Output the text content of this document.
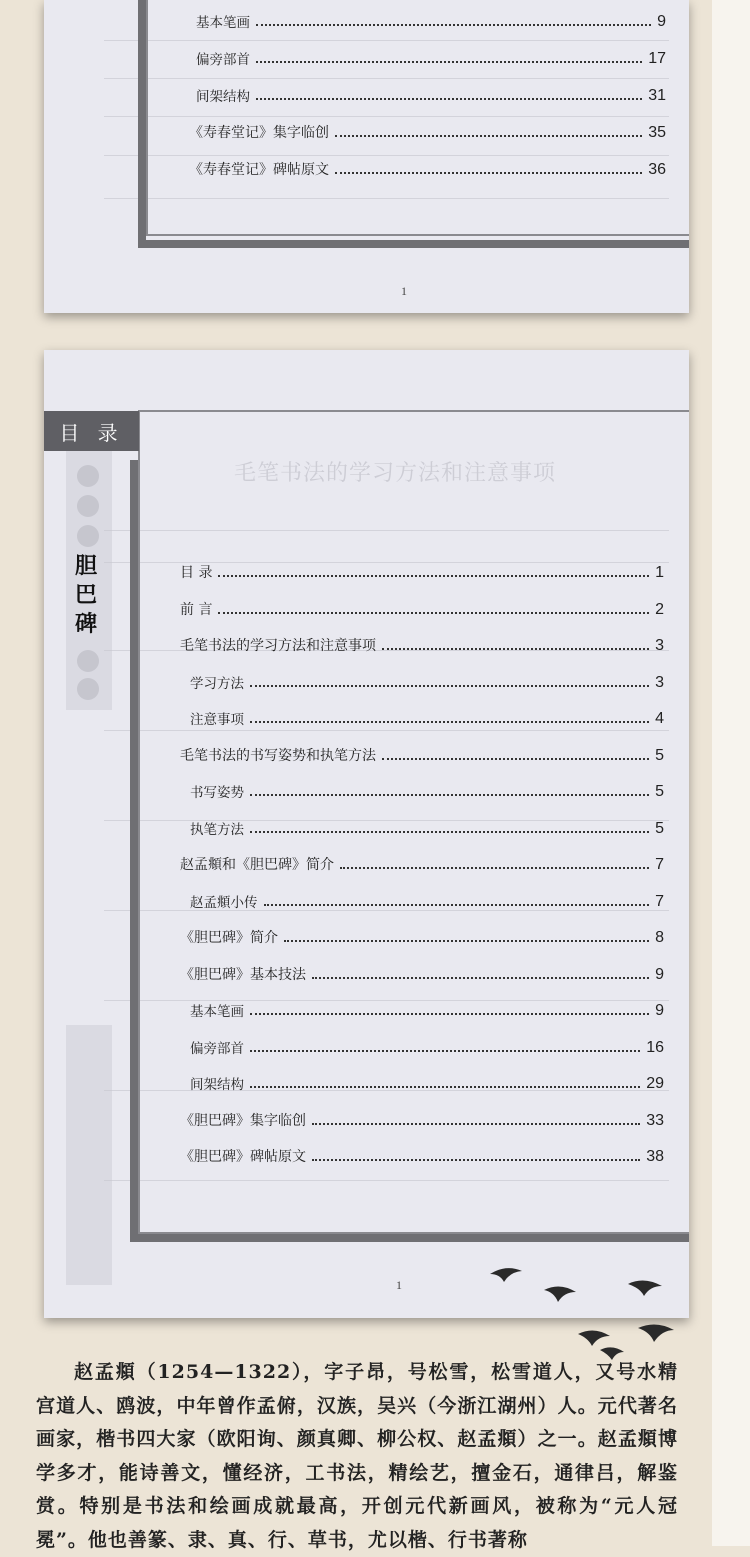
基本笔画	9
偏旁部首	17
间架结构	31
《寿春堂记》集字临创	35
《寿春堂记》碑帖原文	36
1
毛笔书法的学习方法和注意事项
目 录
胆
巴
碑
目 录	1
前 言	2
毛笔书法的学习方法和注意事项	3
学习方法	3
注意事项	4
毛笔书法的书写姿势和执笔方法	5
书写姿势	5
执笔方法	5
赵孟頫和《胆巴碑》简介	7
赵孟頫小传	7
《胆巴碑》简介	8
《胆巴碑》基本技法	9
基本笔画	9
偏旁部首	16
间架结构	29
《胆巴碑》集字临创	33
《胆巴碑》碑帖原文	38
1

赵孟頫（1254—1322），字子昂，号松雪，松雪道人，又号水精宫道人、鸥波，中年曾作孟俯，汉族，吴兴（今浙江湖州）人。元代著名画家，楷书四大家（欧阳询、颜真卿、柳公权、赵孟頫）之一。赵孟頫博学多才，能诗善文，懂经济，工书法，精绘艺，擅金石，通律吕，解鉴赏。特别是书法和绘画成就最高，开创元代新画风，被称为“元人冠冕”。他也善篆、隶、真、行、草书，尤以楷、行书著称
